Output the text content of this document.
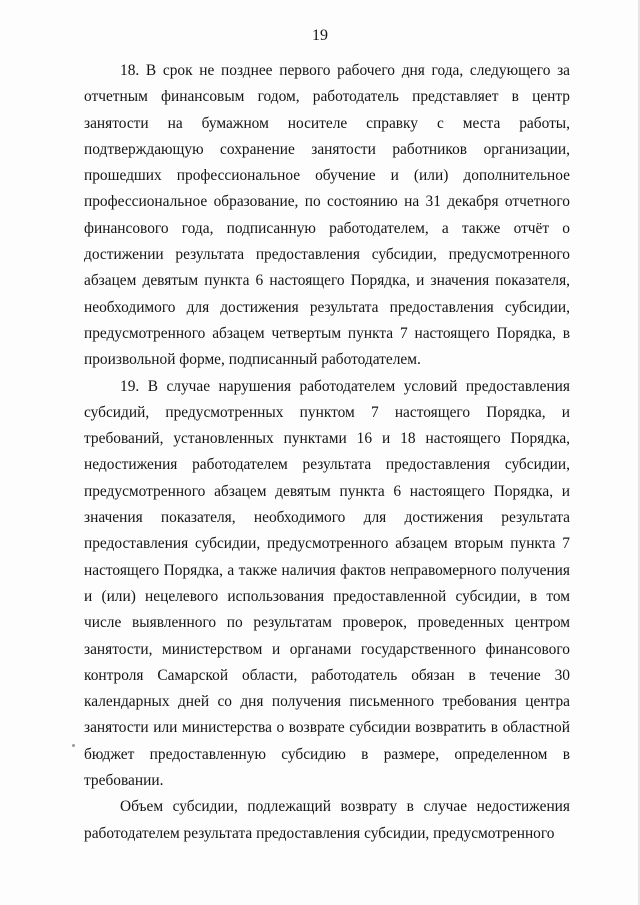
19

18. В срок не позднее первого рабочего дня года, следующего за отчетным финансовым годом, работодатель представляет в центр занятости на бумажном носителе справку с места работы, подтверждающую сохранение занятости работников организации, прошедших профессиональное обучение и (или) дополнительное профессиональное образование, по состоянию на 31 декабря отчетного финансового года, подписанную работодателем, а также отчёт о достижении результата предоставления субсидии, предусмотренного абзацем девятым пункта 6 настоящего Порядка, и значения показателя, необходимого для достижения результата предоставления субсидии, предусмотренного абзацем четвертым пункта 7 настоящего Порядка, в произвольной форме, подписанный работодателем.

19. В случае нарушения работодателем условий предоставления субсидий, предусмотренных пунктом 7 настоящего Порядка, и требований, установленных пунктами 16 и 18 настоящего Порядка, недостижения работодателем результата предоставления субсидии, предусмотренного абзацем девятым пункта 6 настоящего Порядка, и значения показателя, необходимого для достижения результата предоставления субсидии, предусмотренного абзацем вторым пункта 7 настоящего Порядка, а также наличия фактов неправомерного получения и (или) нецелевого использования предоставленной субсидии, в том числе выявленного по результатам проверок, проведенных центром занятости, министерством и органами государственного финансового контроля Самарской области, работодатель обязан в течение 30 календарных дней со дня получения письменного требования центра занятости или министерства о возврате субсидии возвратить в областной бюджет предоставленную субсидию в размере, определенном в требовании.

Объем субсидии, подлежащий возврату в случае недостижения работодателем результата предоставления субсидии, предусмотренного
